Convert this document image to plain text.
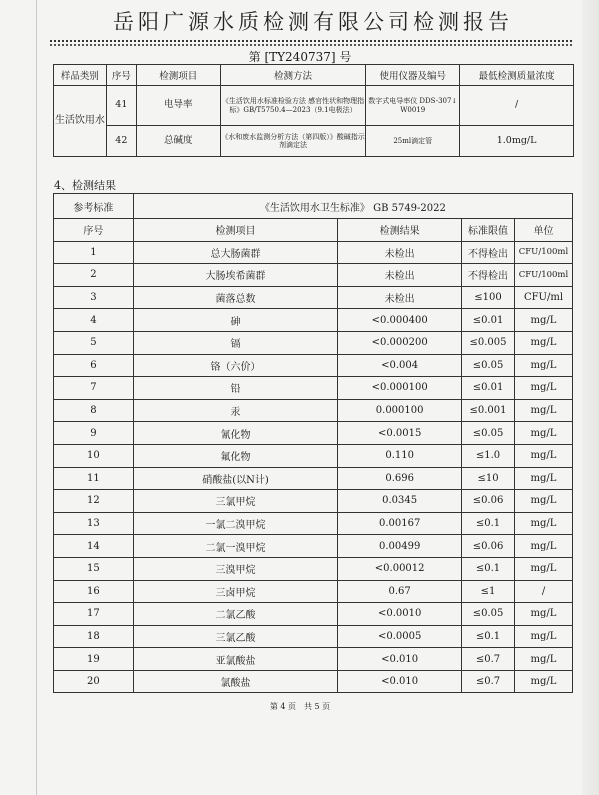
岳阳广源水质检测有限公司检测报告
第 [TY240737] 号
样品类别	序号	检测项目	检测方法	使用仪器及编号	最低检测质量浓度
生活饮用水	41	电导率	《生活饮用水标准检验方法 感官性状和物理指标》GB/T5750.4—2023（9.1电极法）	数字式电导率仪 DDS-307↓ W0019	/
	42	总碱度	《水和废水监测分析方法（第四版）》酸碱指示剂滴定法	25ml滴定管	1.0mg/L
4、检测结果
参考标准	《生活饮用水卫生标准》 GB 5749-2022			
序号	检测项目	检测结果	标准限值	单位
1	总大肠菌群	未检出	不得检出	CFU/100ml
2	大肠埃希菌群	未检出	不得检出	CFU/100ml
3	菌落总数	未检出	≤100	CFU/ml
4	砷	<0.000400	≤0.01	mg/L
5	镉	<0.000200	≤0.005	mg/L
6	铬（六价）	<0.004	≤0.05	mg/L
7	铅	<0.000100	≤0.01	mg/L
8	汞	0.000100	≤0.001	mg/L
9	氰化物	<0.0015	≤0.05	mg/L
10	氟化物	0.110	≤1.0	mg/L
11	硝酸盐(以N计)	0.696	≤10	mg/L
12	三氯甲烷	0.0345	≤0.06	mg/L
13	一氯二溴甲烷	0.00167	≤0.1	mg/L
14	二氯一溴甲烷	0.00499	≤0.06	mg/L
15	三溴甲烷	<0.00012	≤0.1	mg/L
16	三卤甲烷	0.67	≤1	/
17	二氯乙酸	<0.0010	≤0.05	mg/L
18	三氯乙酸	<0.0005	≤0.1	mg/L
19	亚氯酸盐	<0.010	≤0.7	mg/L
20	氯酸盐	<0.010	≤0.7	mg/L
第 4 页　共 5 页
